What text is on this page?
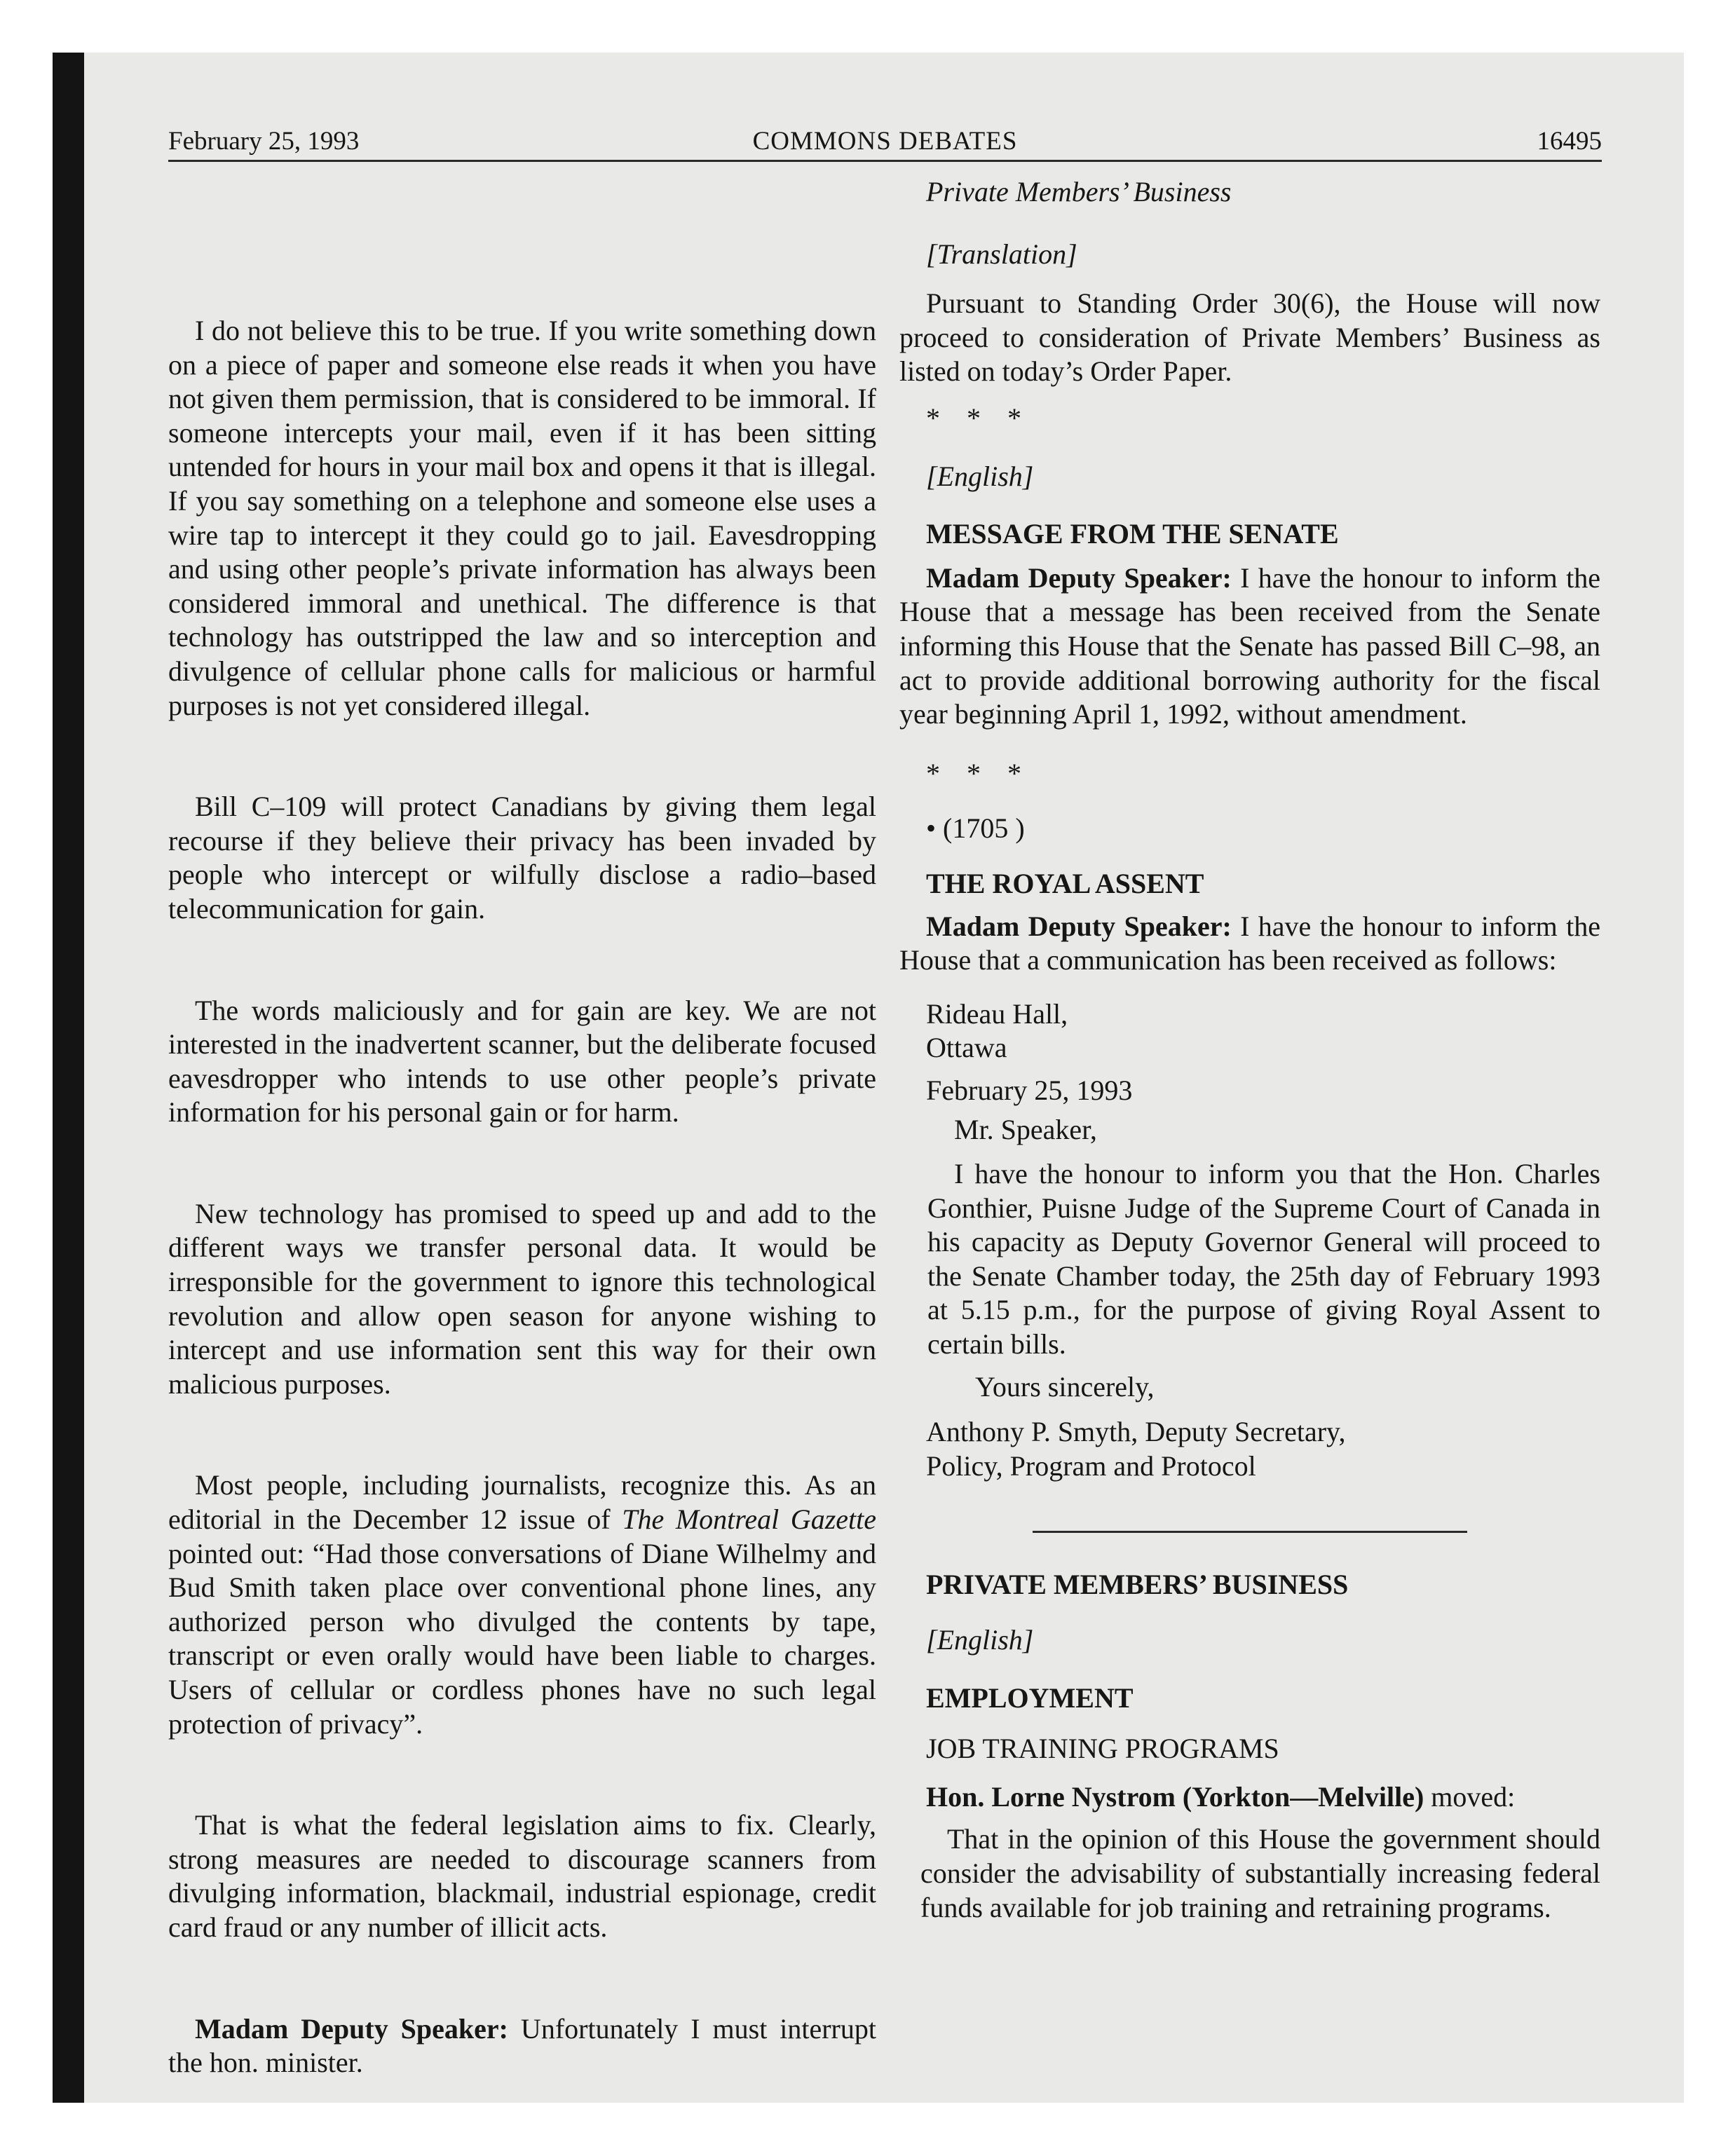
February 25, 1993	COMMONS DEBATES	16495

I do not believe this to be true. If you write something down on a piece of paper and someone else reads it when you have not given them permission, that is considered to be immoral. If someone intercepts your mail, even if it has been sitting untended for hours in your mail box and opens it that is illegal. If you say something on a telephone and someone else uses a wire tap to intercept it they could go to jail. Eavesdropping and using other people’s private information has always been considered immoral and unethical. The difference is that technology has outstripped the law and so interception and divulgence of cellular phone calls for malicious or harmful purposes is not yet considered illegal.

Bill C–109 will protect Canadians by giving them legal recourse if they believe their privacy has been invaded by people who intercept or wilfully disclose a radio–based telecommunication for gain.

The words maliciously and for gain are key. We are not interested in the inadvertent scanner, but the deliberate focused eavesdropper who intends to use other people’s private information for his personal gain or for harm.

New technology has promised to speed up and add to the different ways we transfer personal data. It would be irresponsible for the government to ignore this technological revolution and allow open season for anyone wishing to intercept and use information sent this way for their own malicious purposes.

Most people, including journalists, recognize this. As an editorial in the December 12 issue of The Montreal Gazette pointed out: “Had those conversations of Diane Wilhelmy and Bud Smith taken place over conventional phone lines, any authorized person who divulged the contents by tape, transcript or even orally would have been liable to charges. Users of cellular or cordless phones have no such legal protection of privacy”.

That is what the federal legislation aims to fix. Clearly, strong measures are needed to discourage scanners from divulging information, blackmail, industrial espionage, credit card fraud or any number of illicit acts.

Madam Deputy Speaker: Unfortunately I must interrupt the hon. minister.

Private Members’ Business

[Translation]

Pursuant to Standing Order 30(6), the House will now proceed to consideration of Private Members’ Business as listed on today’s Order Paper.

* * *

[English]

MESSAGE FROM THE SENATE

Madam Deputy Speaker: I have the honour to inform the House that a message has been received from the Senate informing this House that the Senate has passed Bill C–98, an act to provide additional borrowing authority for the fiscal year beginning April 1, 1992, without amendment.

* * *

• (1705 )

THE ROYAL ASSENT

Madam Deputy Speaker: I have the honour to inform the House that a communication has been received as follows:

Rideau Hall,

Ottawa

February 25, 1993

Mr. Speaker,

I have the honour to inform you that the Hon. Charles Gonthier, Puisne Judge of the Supreme Court of Canada in his capacity as Deputy Governor General will proceed to the Senate Chamber today, the 25th day of February 1993 at 5.15 p.m., for the purpose of giving Royal Assent to certain bills.

Yours sincerely,

Anthony P. Smyth, Deputy Secretary,

Policy, Program and Protocol

PRIVATE MEMBERS’ BUSINESS

[English]

EMPLOYMENT

JOB TRAINING PROGRAMS

Hon. Lorne Nystrom (Yorkton—Melville) moved:

That in the opinion of this House the government should consider the advisability of substantially increasing federal funds available for job training and retraining programs.
